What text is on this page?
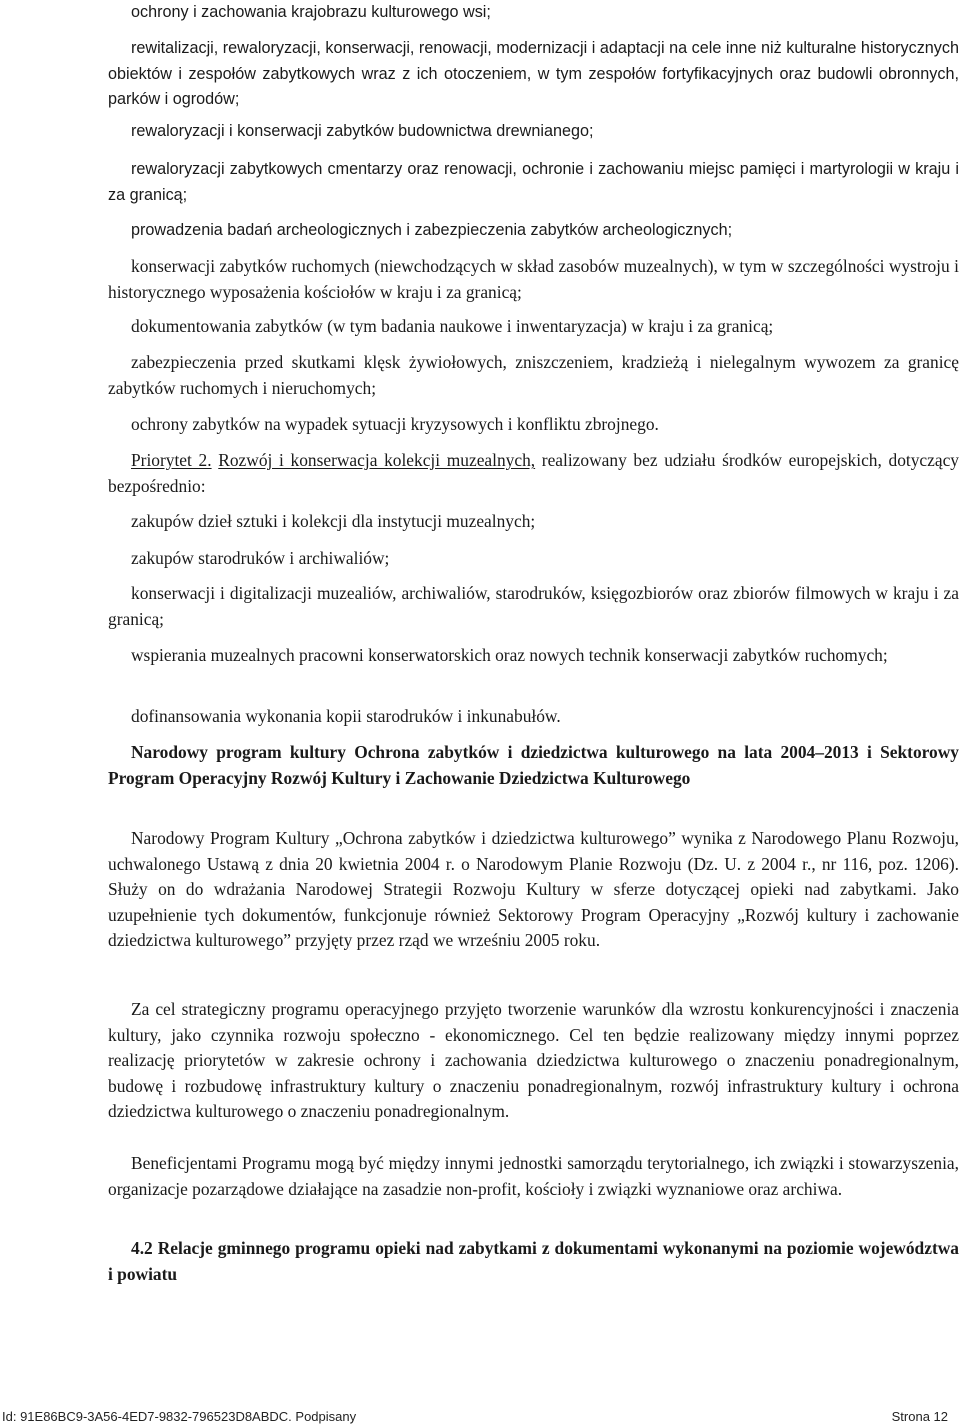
ochrony i zachowania krajobrazu kulturowego wsi;

rewitalizacji, rewaloryzacji, konserwacji, renowacji, modernizacji i adaptacji na cele inne niż kulturalne historycznych obiektów i zespołów zabytkowych wraz z ich otoczeniem, w tym zespołów fortyfikacyjnych oraz budowli obronnych, parków i ogrodów;

rewaloryzacji i konserwacji zabytków budownictwa drewnianego;

rewaloryzacji zabytkowych cmentarzy oraz renowacji, ochronie i zachowaniu miejsc pamięci i martyrologii w kraju i za granicą;

prowadzenia badań archeologicznych i zabezpieczenia zabytków archeologicznych;

konserwacji zabytków ruchomych (niewchodzących w skład zasobów muzealnych), w tym w szczególności wystroju i historycznego wyposażenia kościołów w kraju i za granicą;

dokumentowania zabytków (w tym badania naukowe i inwentaryzacja) w kraju i za granicą;

zabezpieczenia przed skutkami klęsk żywiołowych, zniszczeniem, kradzieżą i nielegalnym wywozem za granicę zabytków ruchomych i nieruchomych;

ochrony zabytków na wypadek sytuacji kryzysowych i konfliktu zbrojnego.

Priorytet 2. Rozwój i konserwacja kolekcji muzealnych, realizowany bez udziału środków europejskich, dotyczący bezpośrednio:

zakupów dzieł sztuki i kolekcji dla instytucji muzealnych;

zakupów starodruków i archiwaliów;

konserwacji i digitalizacji muzealiów, archiwaliów, starodruków, księgozbiorów oraz zbiorów filmowych w kraju i za granicą;

wspierania muzealnych pracowni konserwatorskich oraz nowych technik konserwacji zabytków ruchomych;

dofinansowania wykonania kopii starodruków i inkunabułów.

Narodowy program kultury Ochrona zabytków i dziedzictwa kulturowego na lata 2004–2013 i Sektorowy Program Operacyjny Rozwój Kultury i Zachowanie Dziedzictwa Kulturowego

Narodowy Program Kultury „Ochrona zabytków i dziedzictwa kulturowego” wynika z Narodowego Planu Rozwoju, uchwalonego Ustawą z dnia 20 kwietnia 2004 r. o Narodowym Planie Rozwoju (Dz. U. z 2004 r., nr 116, poz. 1206). Służy on do wdrażania Narodowej Strategii Rozwoju Kultury w sferze dotyczącej opieki nad zabytkami. Jako uzupełnienie tych dokumentów, funkcjonuje również Sektorowy Program Operacyjny „Rozwój kultury i zachowanie dziedzictwa kulturowego” przyjęty przez rząd we wrześniu 2005 roku.

Za cel strategiczny programu operacyjnego przyjęto tworzenie warunków dla wzrostu konkurencyjności i znaczenia kultury, jako czynnika rozwoju społeczno - ekonomicznego. Cel ten będzie realizowany między innymi poprzez realizację priorytetów w zakresie ochrony i zachowania dziedzictwa kulturowego o znaczeniu ponadregionalnym, budowę i rozbudowę infrastruktury kultury o znaczeniu ponadregionalnym, rozwój infrastruktury kultury i ochrona dziedzictwa kulturowego o znaczeniu ponadregionalnym.

Beneficjentami Programu mogą być między innymi jednostki samorządu terytorialnego, ich związki i stowarzyszenia, organizacje pozarządowe działające na zasadzie non-profit, kościoły i związki wyznaniowe oraz archiwa.

4.2 Relacje gminnego programu opieki nad zabytkami z dokumentami wykonanymi na poziomie województwa i powiatu

Id: 91E86BC9-3A56-4ED7-9832-796523D8ABDC. Podpisany	Strona 12
